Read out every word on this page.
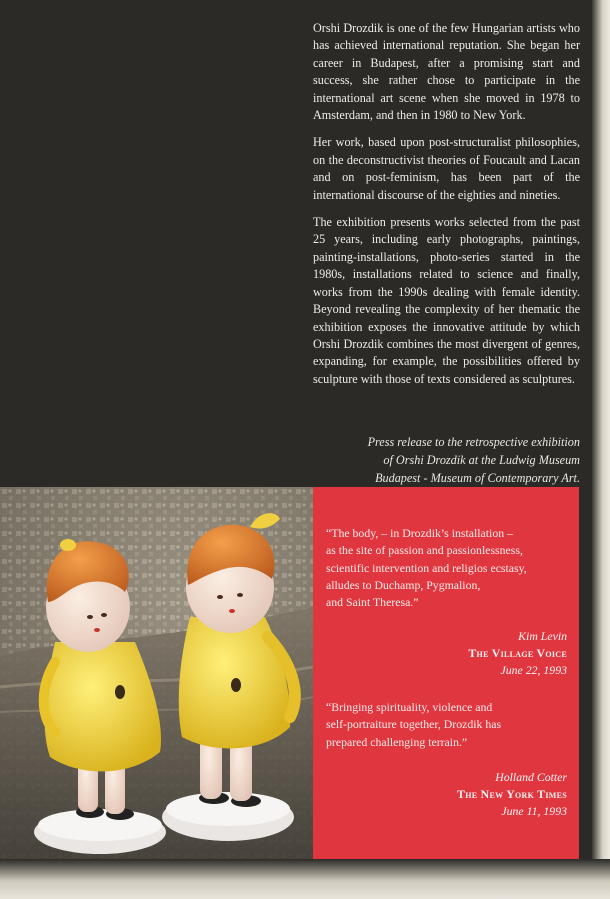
Orshi Drozdik is one of the few Hungarian artists who has achieved international reputation. She began her career in Budapest, after a promising start and success, she rather chose to participate in the international art scene when she moved in 1978 to Amsterdam, and then in 1980 to New York.

Her work, based upon post-structuralist philosophies, on the deconstructivist theories of Foucault and Lacan and on post-feminism, has been part of the international discourse of the eighties and nineties.

The exhibition presents works selected from the past 25 years, including early photographs, paintings, painting-installations, photo-series started in the 1980s, installations related to science and finally, works from the 1990s dealing with female identity. Beyond revealing the complexity of her thematic the exhibition exposes the innovative attitude by which Orshi Drozdik combines the most divergent of genres, expanding, for example, the possibilities offered by sculpture with those of texts considered as sculptures.

Press release to the retrospective exhibition
of Orshi Drozdik at the Ludwig Museum
Budapest - Museum of Contemporary Art.
“The body, – in Drozdik’s installation –
as the site of passion and passionlessness,
scientific intervention and religios ecstasy,
alludes to Duchamp, Pygmalion,
and Saint Theresa.”
Kim Levin
The Village Voice
June 22, 1993
“Bringing spirituality, violence and
self-portraiture together, Drozdik has
prepared challenging terrain.”
Holland Cotter
The New York Times
June 11, 1993
